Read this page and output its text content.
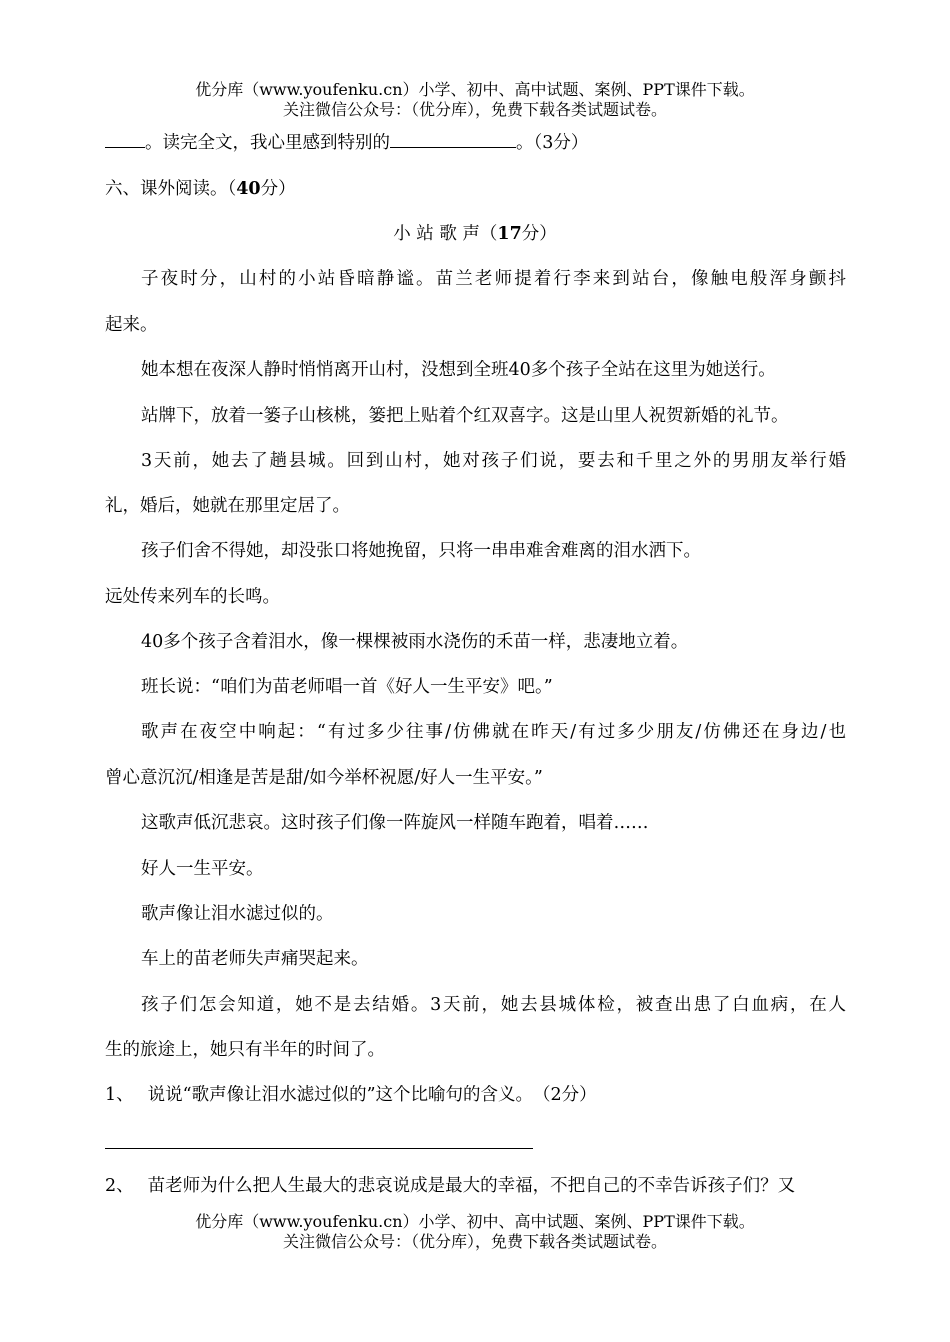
优分库（www.youfenku.cn）小学、初中、高中试题、案例、PPT课件下载。
关注微信公众号：（优分库），免费下载各类试题试卷。
。读完全文，我心里感到特别的	。（3分）
六、课外阅读。（40分）
小 站 歌 声（17分）
子夜时分，山村的小站昏暗静谧。苗兰老师提着行李来到站台，像触电般浑身颤抖
起来。
她本想在夜深人静时悄悄离开山村，没想到全班40多个孩子全站在这里为她送行。
站牌下，放着一篓子山核桃，篓把上贴着个红双喜字。这是山里人祝贺新婚的礼节。
3天前，她去了趟县城。回到山村，她对孩子们说，要去和千里之外的男朋友举行婚
礼，婚后，她就在那里定居了。
孩子们舍不得她，却没张口将她挽留，只将一串串难舍难离的泪水洒下。
远处传来列车的长鸣。
40多个孩子含着泪水，像一棵棵被雨水浇伤的禾苗一样，悲凄地立着。
班长说：“咱们为苗老师唱一首《好人一生平安》吧。”
歌声在夜空中响起：“有过多少往事/仿佛就在昨天/有过多少朋友/仿佛还在身边/也
曾心意沉沉/相逢是苦是甜/如今举杯祝愿/好人一生平安。”
这歌声低沉悲哀。这时孩子们像一阵旋风一样随车跑着，唱着……
好人一生平安。
歌声像让泪水滤过似的。
车上的苗老师失声痛哭起来。
孩子们怎会知道，她不是去结婚。3天前，她去县城体检，被查出患了白血病，在人
生的旅途上，她只有半年的时间了。
1、 说说“歌声像让泪水滤过似的”这个比喻句的含义。　（2分）
2、 苗老师为什么把人生最大的悲哀说成是最大的幸福，不把自己的不幸告诉孩子们？又
优分库（www.youfenku.cn）小学、初中、高中试题、案例、PPT课件下载。
关注微信公众号：（优分库），免费下载各类试题试卷。
